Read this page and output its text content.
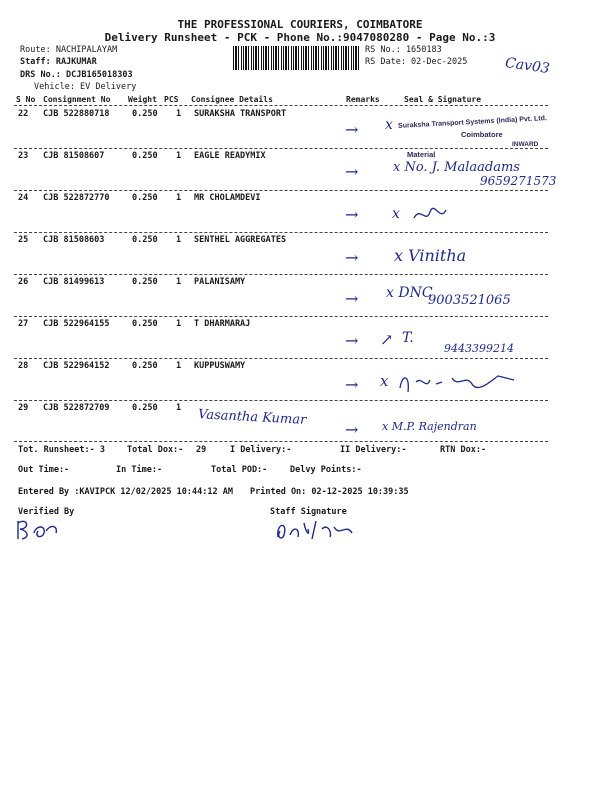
THE PROFESSIONAL COURIERS, COIMBATORE
Delivery Runsheet - PCK - Phone No.:9047080280 - Page No.:3
Route: NACHIPALAYAM
Staff: RAJKUMAR
DRS No.: DCJB165018303
Vehicle: EV Delivery
RS No.: 1650183
RS Date: 02-Dec-2025	Cav03
S No Consignment No Weight PCS Consignee Details	Remarks	Seal & Signature
22 CJB 522880718	0.250 1 SURAKSHA TRANSPORT
→ x Suraksha Transport Systems (India) Pvt. Ltd.
Coimbatore
INWARD
23 CJB 81508607	0.250 1 EAGLE READYMIX
→
Material
x No. J. Malaadams
9659271573
24 CJB 522872770	0.250 1 MR CHOLAMDEVI
→ x
25 CJB 81508603	0.250 1 SENTHEL AGGREGATES
→ x Vinitha
26 CJB 81499613	0.250 1 PALANISAMY
→ x DNC
9003521065
27 CJB 522964155	0.250 1 T DHARMARAJ
→ ↗ T.
9443399214
28 CJB 522964152	0.250 1 KUPPUSWAMY
→ x
29 CJB 522872709	0.250 1 Vasantha Kumar
→ x M.P. Rajendran
Tot. Runsheet:- 3	Total Dox:- 29	I Delivery:-	II Delivery:-	RTN Dox:-
Out Time:-	In Time:-	Total POD:-	Delvy Points:-
Entered By :KAVIPCK 12/02/2025 10:44:12 AM Printed On: 02-12-2025 10:39:35
Verified By	Staff Signature
